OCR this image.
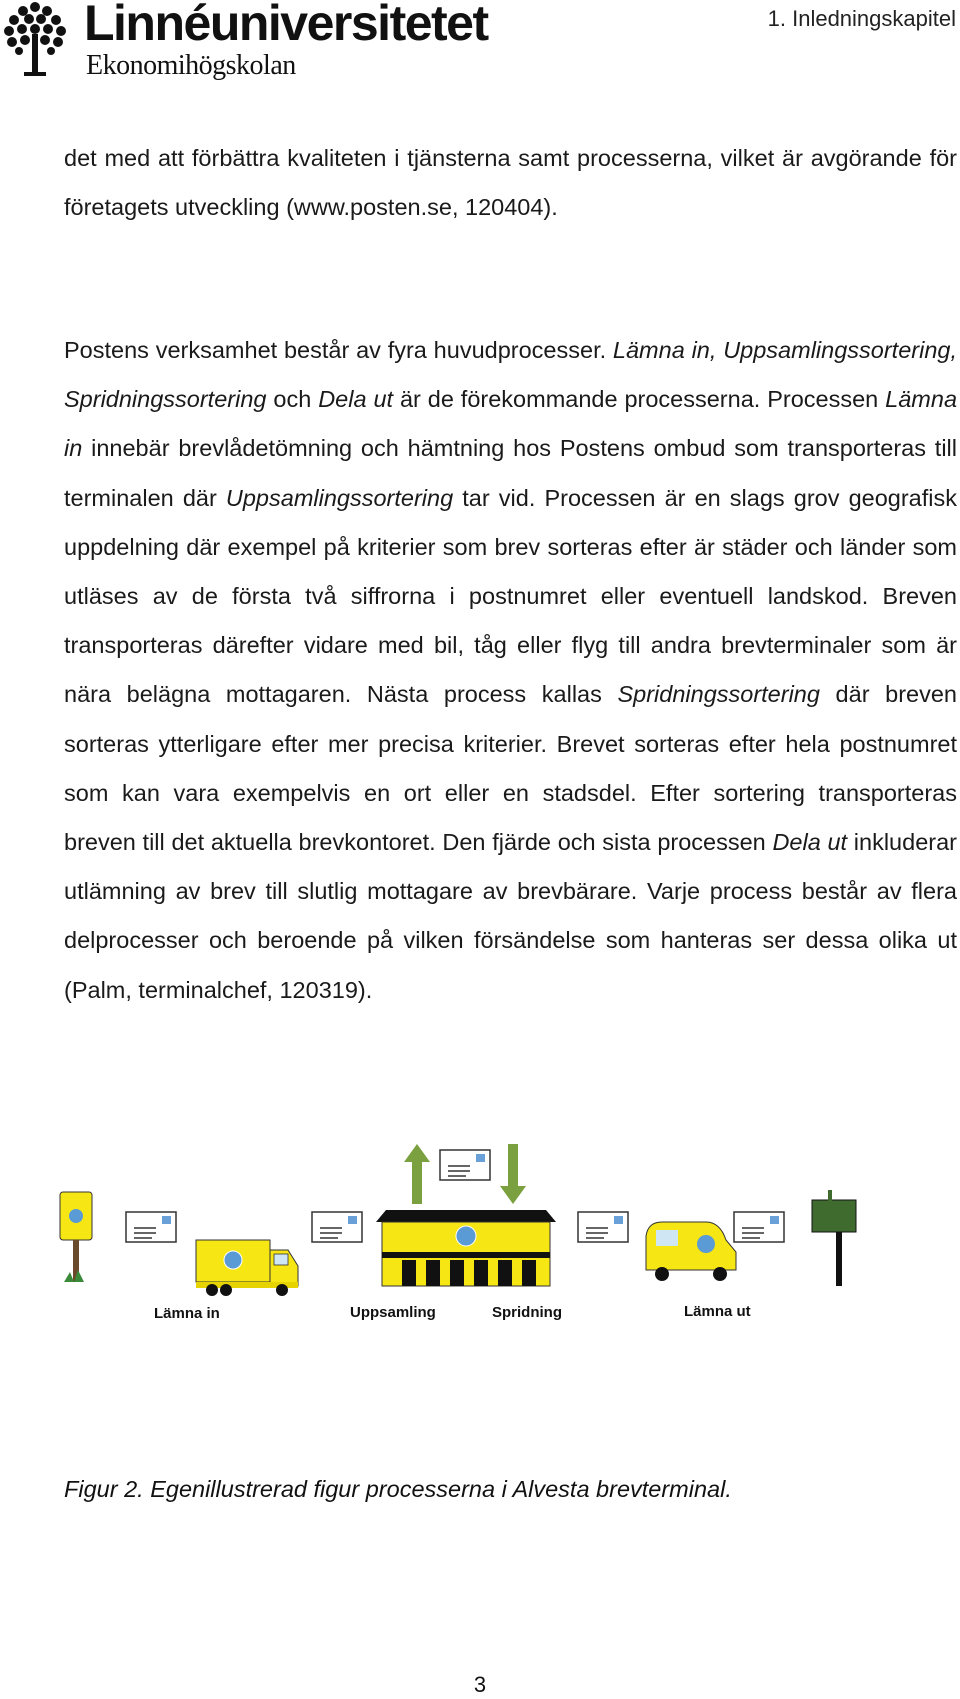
Linnéuniversitetet
Ekonomihögskolan
1. Inledningskapitel

det med att förbättra kvaliteten i tjänsterna samt processerna, vilket är avgörande för företagets utveckling (www.posten.se, 120404).

Postens verksamhet består av fyra huvudprocesser. Lämna in, Uppsamlingssortering, Spridningssortering och Dela ut är de förekommande processerna. Processen Lämna in innebär brevlådetömning och hämtning hos Postens ombud som transporteras till terminalen där Uppsamlingssortering tar vid. Processen är en slags grov geografisk uppdelning där exempel på kriterier som brev sorteras efter är städer och länder som utläses av de första två siffrorna i postnumret eller eventuell landskod. Breven transporteras därefter vidare med bil, tåg eller flyg till andra brevterminaler som är nära belägna mottagaren. Nästa process kallas Spridningssortering där breven sorteras ytterligare efter mer precisa kriterier. Brevet sorteras efter hela postnumret som kan vara exempelvis en ort eller en stadsdel. Efter sortering transporteras breven till det aktuella brevkontoret. Den fjärde och sista processen Dela ut inkluderar utlämning av brev till slutlig mottagare av brevbärare. Varje process består av flera delprocesser och beroende på vilken försändelse som hanteras ser dessa olika ut (Palm, terminalchef, 120319).

Lämna in	Uppsamling	Spridning	Lämna ut
Figur 2. Egenillustrerad figur processerna i Alvesta brevterminal.
3
